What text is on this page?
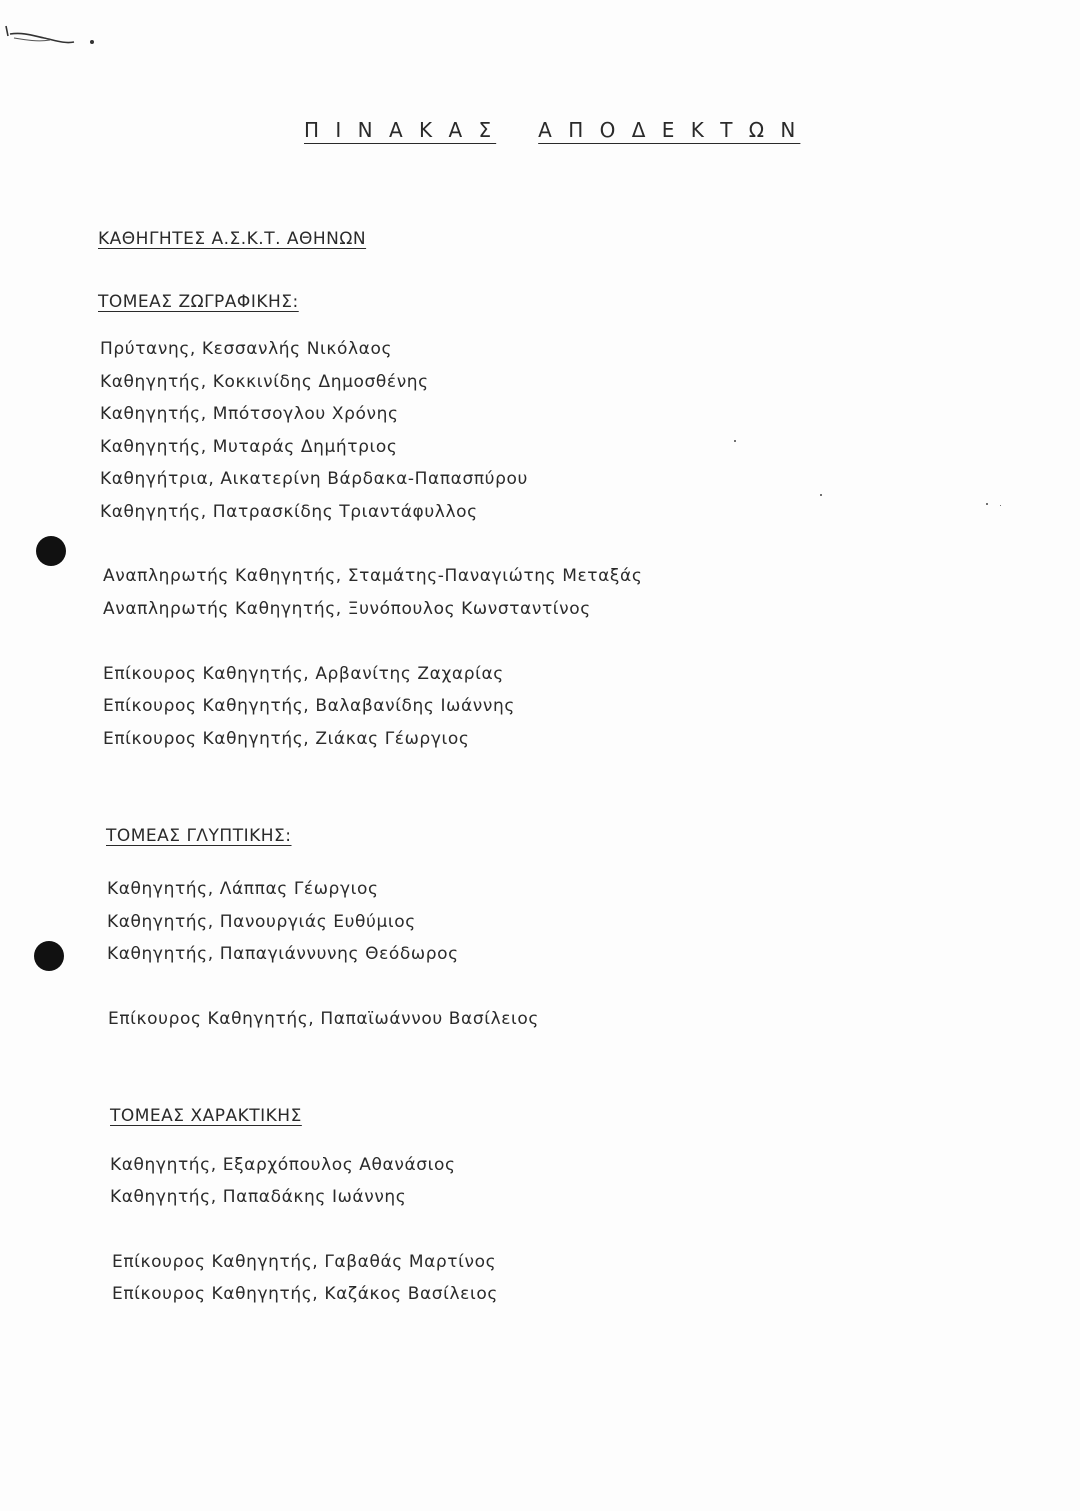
Π Ι Ν Α Κ Α Σ Α Π Ο Δ Ε Κ Τ Ω Ν
ΚΑΘΗΓΗΤΕΣ Α.Σ.Κ.Τ. ΑΘΗΝΩΝ
ΤΟΜΕΑΣ ΖΩΓΡΑΦΙΚΗΣ:
Πρύτανης, Κεσσανλής Νικόλαος
Καθηγητής, Κοκκινίδης Δημοσθένης
Καθηγητής, Μπότσογλου Χρόνης
Καθηγητής, Μυταράς Δημήτριος
Καθηγήτρια, Αικατερίνη Βάρδακα-Παπασπύρου
Καθηγητής, Πατρασκίδης Τριαντάφυλλος
Αναπληρωτής Καθηγητής, Σταμάτης-Παναγιώτης Μεταξάς
Αναπληρωτής Καθηγητής, Ξυνόπουλος Κωνσταντίνος
Επίκουρος Καθηγητής, Αρβανίτης Ζαχαρίας
Επίκουρος Καθηγητής, Βαλαβανίδης Ιωάννης
Επίκουρος Καθηγητής, Ζιάκας Γέωργιος
ΤΟΜΕΑΣ ΓΛΥΠΤΙΚΗΣ:
Καθηγητής, Λάππας Γέωργιος
Καθηγητής, Πανουργιάς Ευθύμιος
Καθηγητής, Παπαγιάννυνης Θεόδωρος
Επίκουρος Καθηγητής, Παπαϊωάννου Βασίλειος
ΤΟΜΕΑΣ ΧΑΡΑΚΤΙΚΗΣ
Καθηγητής, Εξαρχόπουλος Αθανάσιος
Καθηγητής, Παπαδάκης Ιωάννης
Επίκουρος Καθηγητής, Γαβαθάς Μαρτίνος
Επίκουρος Καθηγητής, Καζάκος Βασίλειος
